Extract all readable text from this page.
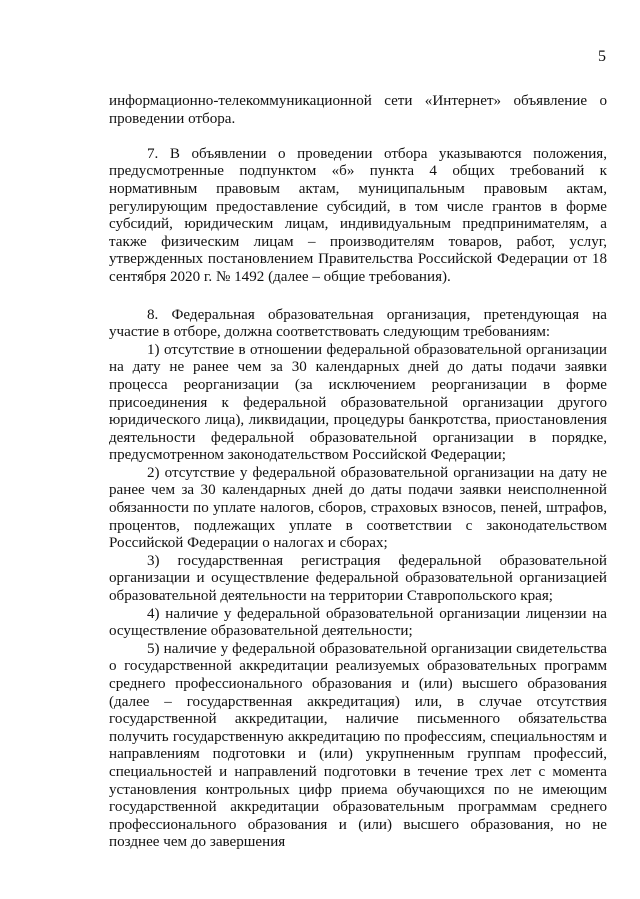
5

информационно-телекоммуникационной сети «Интернет» объявление о проведении отбора.

7. В объявлении о проведении отбора указываются положения, предусмотренные подпунктом «б» пункта 4 общих требований к нормативным правовым актам, муниципальным правовым актам, регулирующим предоставление субсидий, в том числе грантов в форме субсидий, юридическим лицам, индивидуальным предпринимателям, а также физическим лицам – производителям товаров, работ, услуг, утвержденных постановлением Правительства Российской Федерации от 18 сентября 2020 г. № 1492 (далее – общие требования).

8. Федеральная образовательная организация, претендующая на участие в отборе, должна соответствовать следующим требованиям:

1) отсутствие в отношении федеральной образовательной организации на дату не ранее чем за 30 календарных дней до даты подачи заявки процесса реорганизации (за исключением реорганизации в форме присоединения к федеральной образовательной организации другого юридического лица), ликвидации, процедуры банкротства, приостановления деятельности федеральной образовательной организации в порядке, предусмотренном законодательством Российской Федерации;

2) отсутствие у федеральной образовательной организации на дату не ранее чем за 30 календарных дней до даты подачи заявки неисполненной обязанности по уплате налогов, сборов, страховых взносов, пеней, штрафов, процентов, подлежащих уплате в соответствии с законодательством Российской Федерации о налогах и сборах;

3) государственная регистрация федеральной образовательной организации и осуществление федеральной образовательной организацией образовательной деятельности на территории Ставропольского края;

4) наличие у федеральной образовательной организации лицензии на осуществление образовательной деятельности;

5) наличие у федеральной образовательной организации свидетельства о государственной аккредитации реализуемых образовательных программ среднего профессионального образования и (или) высшего образования (далее – государственная аккредитация) или, в случае отсутствия государственной аккредитации, наличие письменного обязательства получить государственную аккредитацию по профессиям, специальностям и направлениям подготовки и (или) укрупненным группам профессий, специальностей и направлений подготовки в течение трех лет с момента установления контрольных цифр приема обучающихся по не имеющим государственной аккредитации образовательным программам среднего профессионального образования и (или) высшего образования, но не позднее чем до завершения
